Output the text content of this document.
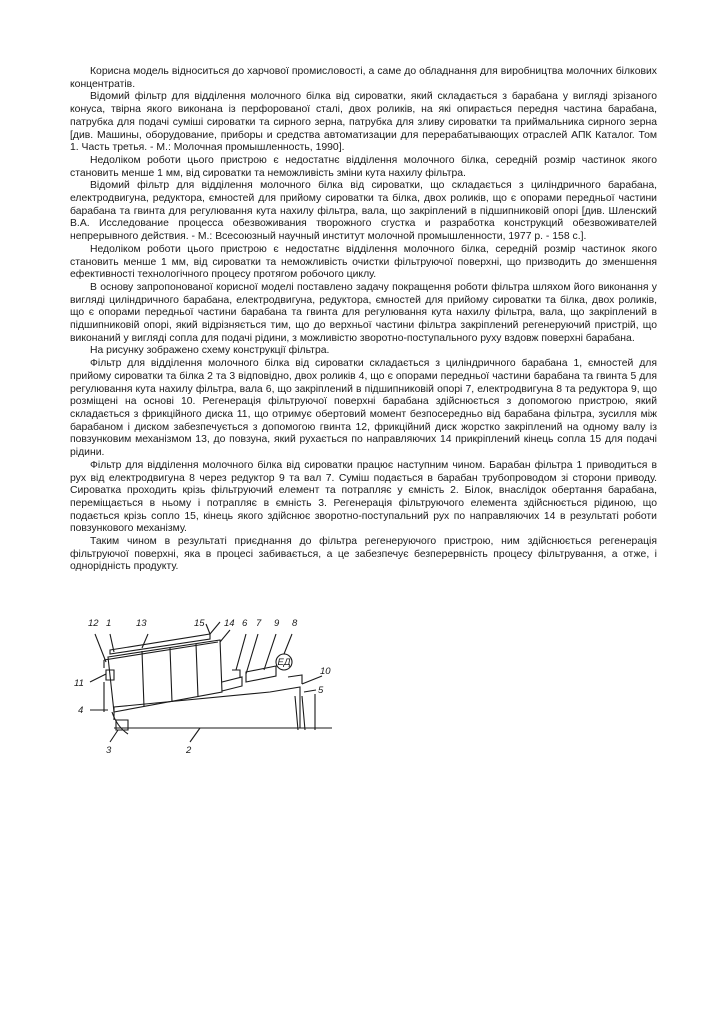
Корисна модель відноситься до харчової промисловості, а саме до обладнання для виробництва молочних білкових концентратів.

Відомий фільтр для відділення молочного білка від сироватки, який складається з барабана у вигляді зрізаного конуса, твірна якого виконана із перфорованої сталі, двох роликів, на які опирається передня частина барабана, патрубка для подачі суміші сироватки та сирного зерна, патрубка для зливу сироватки та приймальника сирного зерна [див. Машины, оборудование, приборы и средства автоматизации для перерабатывающих отраслей АПК Каталог. Том 1. Часть третья. - М.: Молочная промышленность, 1990].

Недоліком роботи цього пристрою є недостатнє відділення молочного білка, середній розмір частинок якого становить менше 1 мм, від сироватки та неможливість зміни кута нахилу фільтра.

Відомий фільтр для відділення молочного білка від сироватки, що складається з циліндричного барабана, електродвигуна, редуктора, ємностей для прийому сироватки та білка, двох роликів, що є опорами передньої частини барабана та гвинта для регулювання кута нахилу фільтра, вала, що закріплений в підшипниковій опорі [див. Шленский В.А. Исследование процесса обезвоживания творожного сгустка и разработка конструкций обезвоживателей непрерывного действия. - М.: Всесоюзный научный институт молочной промышленности, 1977 р. - 158 с.].

Недоліком роботи цього пристрою є недостатнє відділення молочного білка, середній розмір частинок якого становить менше 1 мм, від сироватки та неможливість очистки фільтруючої поверхні, що призводить до зменшення ефективності технологічного процесу протягом робочого циклу.

В основу запропонованої корисної моделі поставлено задачу покращення роботи фільтра шляхом його виконання у вигляді циліндричного барабана, електродвигуна, редуктора, ємностей для прийому сироватки та білка, двох роликів, що є опорами передньої частини барабана та гвинта для регулювання кута нахилу фільтра, вала, що закріплений в підшипниковій опорі, який відрізняється тим, що до верхньої частини фільтра закріплений регенеруючий пристрій, що виконаний у вигляді сопла для подачі рідини, з можливістю зворотно-поступального руху вздовж поверхні барабана.

На рисунку зображено схему конструкції фільтра.

Фільтр для відділення молочного білка від сироватки складається з циліндричного барабана 1, ємностей для прийому сироватки та білка 2 та 3 відповідно, двох роликів 4, що є опорами передньої частини барабана та гвинта 5 для регулювання кута нахилу фільтра, вала 6, що закріплений в підшипниковій опорі 7, електродвигуна 8 та редуктора 9, що розміщені на основі 10. Регенерація фільтруючої поверхні барабана здійснюється з допомогою пристрою, який складається з фрикційного диска 11, що отримує обертовий момент безпосередньо від барабана фільтра, зусилля між барабаном і диском забезпечується з допомогою гвинта 12, фрикційний диск жорстко закріплений на одному валу із повзунковим механізмом 13, до повзуна, який рухається по направляючих 14 прикріплений кінець сопла 15 для подачі рідини.

Фільтр для відділення молочного білка від сироватки працює наступним чином. Барабан фільтра 1 приводиться в рух від електродвигуна 8 через редуктор 9 та вал 7. Суміш подається в барабан трубопроводом зі сторони приводу. Сироватка проходить крізь фільтруючий елемент та потрапляє у ємність 2. Білок, внаслідок обертання барабана, переміщається в ньому і потрапляє в ємність 3. Регенерація фільтруючого елемента здійснюється рідиною, що подається крізь сопло 15, кінець якого здійснює зворотно-поступальний рух по направляючих 14 в результаті роботи повзункового механізму.

Таким чином в результаті приєднання до фільтра регенеруючого пристрою, ним здійснюється регенерація фільтруючої поверхні, яка в процесі забивається, а це забезпечує безперервність процесу фільтрування, а отже, і однорідність продукту.

ЕД
12 1	13	15 14 6 7 9 8
11
10
5
4
3	2
